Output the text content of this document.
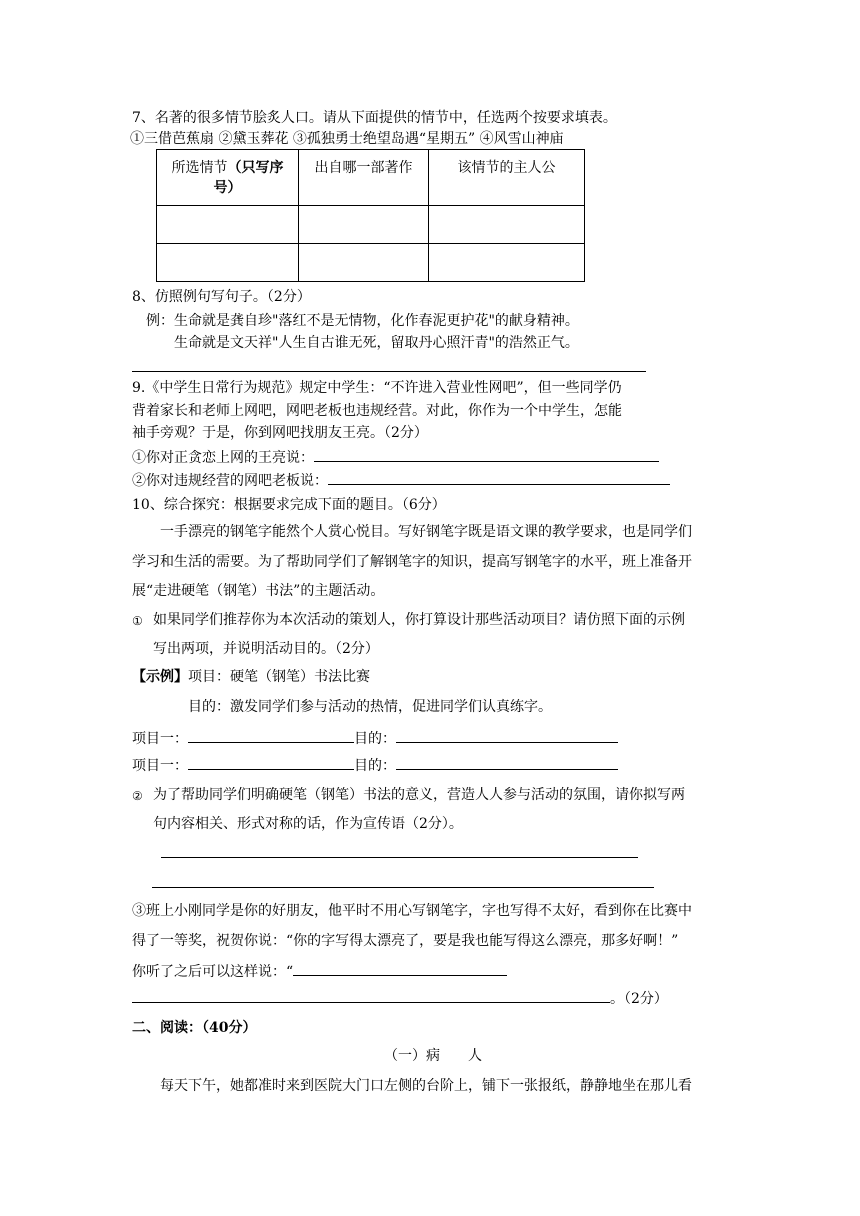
7、名著的很多情节脍炙人口。请从下面提供的情节中，任选两个按要求填表。
①三借芭蕉扇 ②黛玉葬花 ③孤独勇士绝望岛遇“星期五” ④风雪山神庙
所选情节（只写序
号）	出自哪一部著作	该情节的主人公

8、仿照例句写句子。（2分）
例：生命就是龚自珍"落红不是无情物，化作春泥更护花"的献身精神。
生命就是文天祥"人生自古谁无死，留取丹心照汗青"的浩然正气。
9.《中学生日常行为规范》规定中学生：“不许进入营业性网吧”，但一些同学仍
背着家长和老师上网吧，网吧老板也违规经营。对此，你作为一个中学生，怎能
袖手旁观？于是，你到网吧找朋友王亮。（2分）
①你对正贪恋上网的王亮说：
②你对违规经营的网吧老板说：
10、综合探究：根据要求完成下面的题目。（6分）
一手漂亮的钢笔字能然个人赏心悦目。写好钢笔字既是语文课的教学要求，也是同学们
学习和生活的需要。为了帮助同学们了解钢笔字的知识，提高写钢笔字的水平，班上准备开
展“走进硬笔（钢笔）书法”的主题活动。
① 如果同学们推荐你为本次活动的策划人，你打算设计那些活动项目？请仿照下面的示例
写出两项，并说明活动目的。（2分）
【示例】项目：硬笔（钢笔）书法比赛
目的：激发同学们参与活动的热情，促进同学们认真练字。
项目一：	目的：
项目一：	目的：
② 为了帮助同学们明确硬笔（钢笔）书法的意义，营造人人参与活动的氛围，请你拟写两
句内容相关、形式对称的话，作为宣传语（2分）。
③班上小刚同学是你的好朋友，他平时不用心写钢笔字，字也写得不太好，看到你在比赛中
得了一等奖，祝贺你说：“你的字写得太漂亮了，要是我也能写得这么漂亮，那多好啊！”
你听了之后可以这样说：“
。（2分）
二、阅读：（40分）
（一）病　　人
每天下午，她都准时来到医院大门口左侧的台阶上，铺下一张报纸，静静地坐在那儿看
